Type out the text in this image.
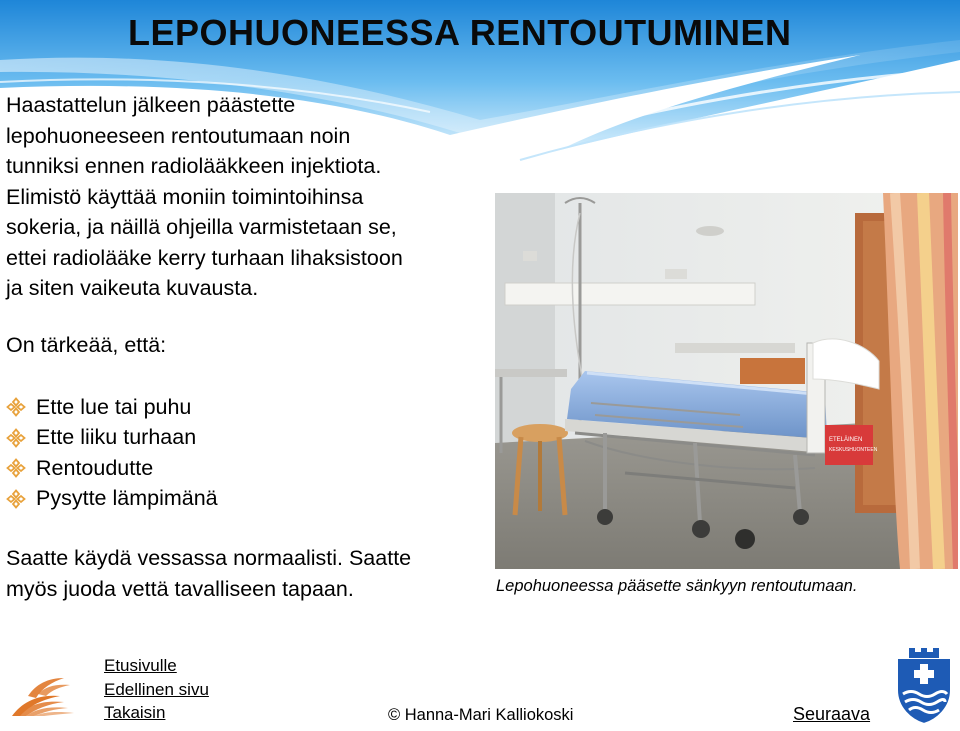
LEPOHUONEESSA RENTOUTUMINEN
Haastattelun jälkeen päästette
lepohuoneeseen rentoutumaan noin
tunniksi ennen radiolääkkeen injektiota.
Elimistö käyttää moniin toimintoihinsa
sokeria, ja näillä ohjeilla varmistetaan se,
ettei radiolääke kerry turhaan lihaksistoon
ja siten vaikeuta kuvausta.
On tärkeää, että:
Ette lue tai puhu
Ette liiku turhaan
Rentoudutte
Pysytte lämpimänä
Saatte käydä vessassa normaalisti. Saatte
myös juoda vettä tavalliseen tapaan.
ETELÄINEN
KESKUSHUONTEEN
Lepohuoneessa pääsette sänkyyn rentoutumaan.
Etusivulle
Edellinen sivu
Takaisin	© Hanna-Mari Kalliokoski	Seuraava
